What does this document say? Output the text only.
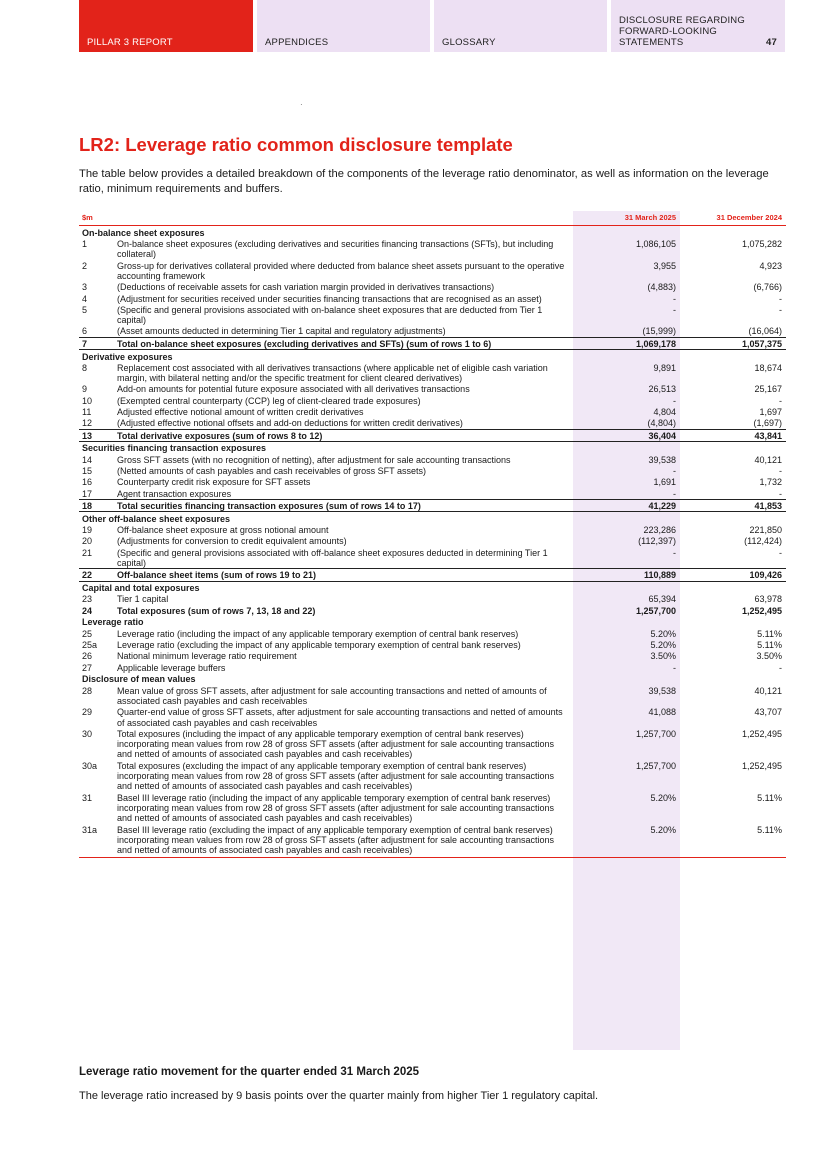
PILLAR 3 REPORT	APPENDICES	GLOSSARY
DISCLOSURE REGARDING FORWARD-LOOKING STATEMENTS	47
·
LR2: Leverage ratio common disclosure template

The table below provides a detailed breakdown of the components of the leverage ratio denominator, as well as information on the leverage ratio, minimum requirements and buffers.

$m		31 March 2025	31 December 2024
On-balance sheet exposures			
1	On-balance sheet exposures (excluding derivatives and securities financing transactions (SFTs), but including collateral)	1,086,105	1,075,282
2	Gross-up for derivatives collateral provided where deducted from balance sheet assets pursuant to the operative accounting framework	3,955	4,923
3	(Deductions of receivable assets for cash variation margin provided in derivatives transactions)	(4,883)	(6,766)
4	(Adjustment for securities received under securities financing transactions that are recognised as an asset)	-	-
5	(Specific and general provisions associated with on-balance sheet exposures that are deducted from Tier 1 capital)	-	-
6	(Asset amounts deducted in determining Tier 1 capital and regulatory adjustments)	(15,999)	(16,064)
7	Total on-balance sheet exposures (excluding derivatives and SFTs) (sum of rows 1 to 6)	1,069,178	1,057,375
Derivative exposures			
8	Replacement cost associated with all derivatives transactions (where applicable net of eligible cash variation margin, with bilateral netting and/or the specific treatment for client cleared derivatives)	9,891	18,674
9	Add-on amounts for potential future exposure associated with all derivatives transactions	26,513	25,167
10	(Exempted central counterparty (CCP) leg of client-cleared trade exposures)	-	-
11	Adjusted effective notional amount of written credit derivatives	4,804	1,697
12	(Adjusted effective notional offsets and add-on deductions for written credit derivatives)	(4,804)	(1,697)
13	Total derivative exposures (sum of rows 8 to 12)	36,404	43,841
Securities financing transaction exposures			
14	Gross SFT assets (with no recognition of netting), after adjustment for sale accounting transactions	39,538	40,121
15	(Netted amounts of cash payables and cash receivables of gross SFT assets)	-	-
16	Counterparty credit risk exposure for SFT assets	1,691	1,732
17	Agent transaction exposures	-	-
18	Total securities financing transaction exposures (sum of rows 14 to 17)	41,229	41,853
Other off-balance sheet exposures			
19	Off-balance sheet exposure at gross notional amount	223,286	221,850
20	(Adjustments for conversion to credit equivalent amounts)	(112,397)	(112,424)
21	(Specific and general provisions associated with off-balance sheet exposures deducted in determining Tier 1 capital)	-	-
22	Off-balance sheet items (sum of rows 19 to 21)	110,889	109,426
Capital and total exposures			
23	Tier 1 capital	65,394	63,978
24	Total exposures (sum of rows 7, 13, 18 and 22)	1,257,700	1,252,495
Leverage ratio			
25	Leverage ratio (including the impact of any applicable temporary exemption of central bank reserves)	5.20%	5.11%
25a	Leverage ratio (excluding the impact of any applicable temporary exemption of central bank reserves)	5.20%	5.11%
26	National minimum leverage ratio requirement	3.50%	3.50%
27	Applicable leverage buffers	-	-
Disclosure of mean values			
28	Mean value of gross SFT assets, after adjustment for sale accounting transactions and netted of amounts of associated cash payables and cash receivables	39,538	40,121
29	Quarter-end value of gross SFT assets, after adjustment for sale accounting transactions and netted of amounts of associated cash payables and cash receivables	41,088	43,707
30	Total exposures (including the impact of any applicable temporary exemption of central bank reserves) incorporating mean values from row 28 of gross SFT assets (after adjustment for sale accounting transactions and netted of amounts of associated cash payables and cash receivables)	1,257,700	1,252,495
30a	Total exposures (excluding the impact of any applicable temporary exemption of central bank reserves) incorporating mean values from row 28 of gross SFT assets (after adjustment for sale accounting transactions and netted of amounts of associated cash payables and cash receivables)	1,257,700	1,252,495
31	Basel III leverage ratio (including the impact of any applicable temporary exemption of central bank reserves) incorporating mean values from row 28 of gross SFT assets (after adjustment for sale accounting transactions and netted of amounts of associated cash payables and cash receivables)	5.20%	5.11%
31a	Basel III leverage ratio (excluding the impact of any applicable temporary exemption of central bank reserves) incorporating mean values from row 28 of gross SFT assets (after adjustment for sale accounting transactions and netted of amounts of associated cash payables and cash receivables)	5.20%	5.11%
Leverage ratio movement for the quarter ended 31 March 2025

The leverage ratio increased by 9 basis points over the quarter mainly from higher Tier 1 regulatory capital.
